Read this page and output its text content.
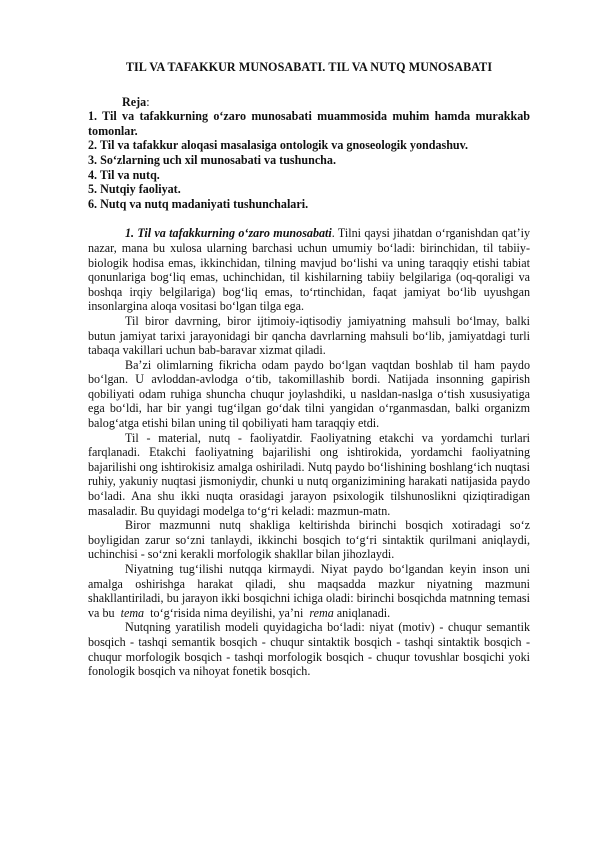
TIL VA TAFAKKUR MUNOSABATI. TIL VA NUTQ MUNOSABATI
Reja:
1. Til va tafakkurning o‘zaro munosabati muammosida muhim hamda murakkab tomonlar.
2. Til va tafakkur aloqasi masalasiga ontologik va gnoseologik yondashuv.
3. So‘zlarning uch xil munosabati va tushuncha.
4. Til va nutq.
5. Nutqiy faoliyat.
6. Nutq va nutq madaniyati tushunchalari.

1. Til va tafakkurning o‘zaro munosabati. Tilni qaysi jihatdan o‘rganishdan qat’iy nazar, mana bu xulosa ularning barchasi uchun umumiy bo‘ladi: birinchidan, til tabiiy-biologik hodisa emas, ikkinchidan, tilning mavjud bo‘lishi va uning taraqqiy etishi tabiat qonunlariga bog‘liq emas, uchinchidan, til kishilarning tabiiy belgilariga (oq-qoraligi va boshqa irqiy belgilariga) bog‘liq emas, to‘rtinchidan, faqat jamiyat bo‘lib uyushgan insonlargina aloqa vositasi bo‘lgan tilga ega.

Til biror davrning, biror ijtimoiy-iqtisodiy jamiyatning mahsuli bo‘lmay, balki butun jamiyat tarixi jarayonidagi bir qancha davrlarning mahsuli bo‘lib, jamiyatdagi turli tabaqa vakillari uchun bab-baravar xizmat qiladi.

Ba’zi olimlarning fikricha odam paydo bo‘lgan vaqtdan boshlab til ham paydo bo‘lgan. U avloddan-avlodga o‘tib, takomillashib bordi. Natijada insonning gapirish qobiliyati odam ruhiga shuncha chuqur joylashdiki, u nasldan-naslga o‘tish xususiyatiga ega bo‘ldi, har bir yangi tug‘ilgan go‘dak tilni yangidan o‘rganmasdan, balki organizm balog‘atga etishi bilan uning til qobiliyati ham taraqqiy etdi.

Til - material, nutq - faoliyatdir. Faoliyatning etakchi va yordamchi turlari farqlanadi. Etakchi faoliyatning bajarilishi ong ishtirokida, yordamchi faoliyatning bajarilishi ong ishtirokisiz amalga oshiriladi. Nutq paydo bo‘lishining boshlang‘ich nuqtasi ruhiy, yakuniy nuqtasi jismoniydir, chunki u nutq organizimining harakati natijasida paydo bo‘ladi. Ana shu ikki nuqta orasidagi jarayon psixologik tilshunoslikni qiziqtiradigan masaladir. Bu quyidagi modelga to‘g‘ri keladi: mazmun-matn.

Biror mazmunni nutq shakliga keltirishda birinchi bosqich xotiradagi so‘z boyligidan zarur so‘zni tanlaydi, ikkinchi bosqich to‘g‘ri sintaktik qurilmani aniqlaydi, uchinchisi - so‘zni kerakli morfologik shakllar bilan jihozlaydi.

Niyatning tug‘ilishi nutqqa kirmaydi. Niyat paydo bo‘lgandan keyin inson uni amalga oshirishga harakat qiladi, shu maqsadda mazkur niyatning mazmuni shakllantiriladi, bu jarayon ikki bosqichni ichiga oladi: birinchi bosqichda matnning temasi va bu  tema  to‘g‘risida nima deyilishi, ya’ni  rema aniqlanadi.

Nutqning yaratilish modeli quyidagicha bo‘ladi: niyat (motiv) - chuqur semantik bosqich - tashqi semantik bosqich - chuqur sintaktik bosqich - tashqi sintaktik bosqich - chuqur morfologik bosqich - tashqi morfologik bosqich - chuqur tovushlar bosqichi yoki fonologik bosqich va nihoyat fonetik bosqich.
